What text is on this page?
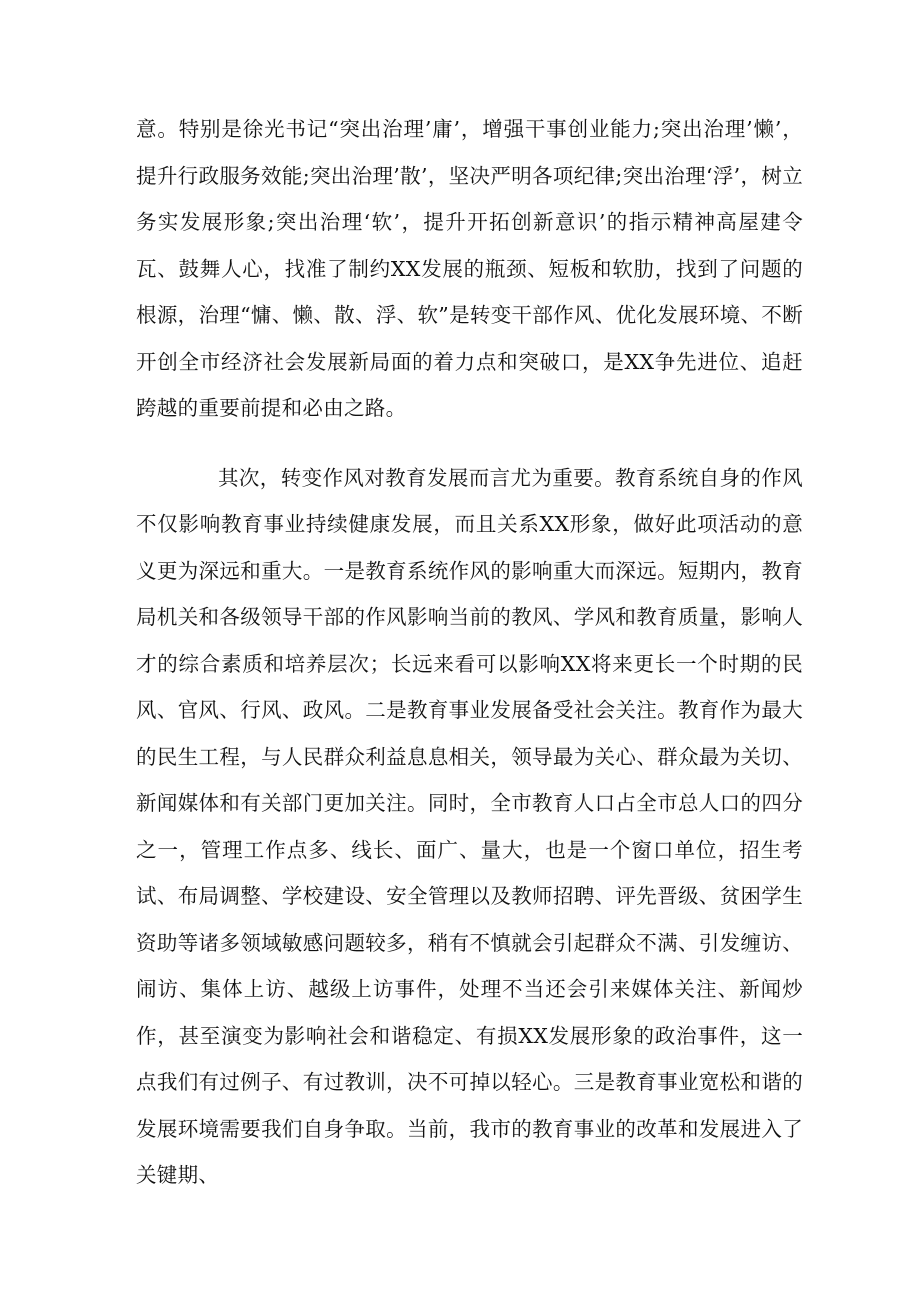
意。特别是徐光书记“突出治理’庸’，增强干事创业能力;突出治理’懒’，提升行政服务效能;突出治理’散’，坚决严明各项纪律;突出治理‘浮’，树立务实发展形象;突出治理‘软’，提升开拓创新意识’的指示精神高屋建令瓦、鼓舞人心，找准了制约XX发展的瓶颈、短板和软肋，找到了问题的根源，治理“慵、懒、散、浮、软”是转变干部作风、优化发展环境、不断开创全市经济社会发展新局面的着力点和突破口，是XX争先进位、追赶跨越的重要前提和必由之路。

其次，转变作风对教育发展而言尤为重要。教育系统自身的作风不仅影响教育事业持续健康发展，而且关系XX形象，做好此项活动的意义更为深远和重大。一是教育系统作风的影响重大而深远。短期内，教育局机关和各级领导干部的作风影响当前的教风、学风和教育质量，影响人才的综合素质和培养层次；长远来看可以影响XX将来更长一个时期的民风、官风、行风、政风。二是教育事业发展备受社会关注。教育作为最大的民生工程，与人民群众利益息息相关，领导最为关心、群众最为关切、新闻媒体和有关部门更加关注。同时，全市教育人口占全市总人口的四分之一，管理工作点多、线长、面广、量大，也是一个窗口单位，招生考试、布局调整、学校建设、安全管理以及教师招聘、评先晋级、贫困学生资助等诸多领域敏感问题较多，稍有不慎就会引起群众不满、引发缠访、闹访、集体上访、越级上访事件，处理不当还会引来媒体关注、新闻炒作，甚至演变为影响社会和谐稳定、有损XX发展形象的政治事件，这一点我们有过例子、有过教训，决不可掉以轻心。三是教育事业宽松和谐的发展环境需要我们自身争取。当前，我市的教育事业的改革和发展进入了关键期、
